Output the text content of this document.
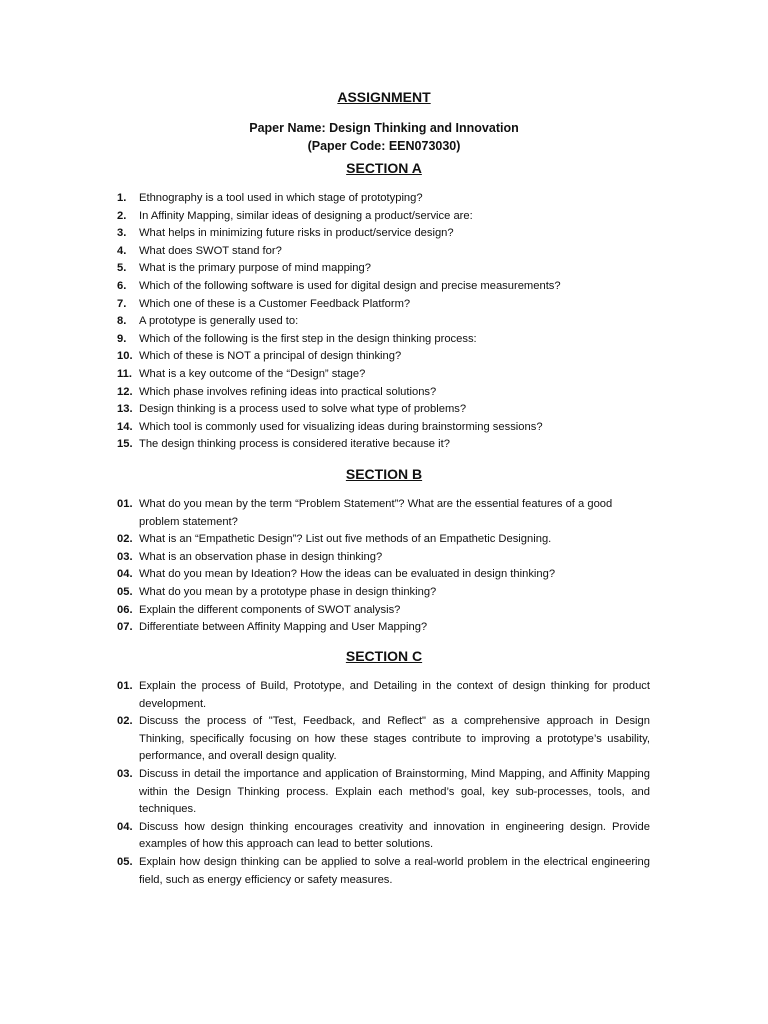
ASSIGNMENT
Paper Name: Design Thinking and Innovation
(Paper Code: EEN073030)
SECTION A
1.	Ethnography is a tool used in which stage of prototyping?
2.	In Affinity Mapping, similar ideas of designing a product/service are:
3.	What helps in minimizing future risks in product/service design?
4.	What does SWOT stand for?
5.	What is the primary purpose of mind mapping?
6.	Which of the following software is used for digital design and precise measurements?
7.	Which one of these is a Customer Feedback Platform?
8.	A prototype is generally used to:
9.	Which of the following is the first step in the design thinking process:
10. Which of these is NOT a principal of design thinking?
11. What is a key outcome of the “Design” stage?
12. Which phase involves refining ideas into practical solutions?
13. Design thinking is a process used to solve what type of problems?
14. Which tool is commonly used for visualizing ideas during brainstorming sessions?
15. The design thinking process is considered iterative because it?
SECTION B
01. What do you mean by the term “Problem Statement”? What are the essential features of a good problem statement?
02. What is an “Empathetic Design”? List out five methods of an Empathetic Designing.
03. What is an observation phase in design thinking?
04. What do you mean by Ideation? How the ideas can be evaluated in design thinking?
05. What do you mean by a prototype phase in design thinking?
06. Explain the different components of SWOT analysis?
07. Differentiate between Affinity Mapping and User Mapping?
SECTION C
01. Explain the process of Build, Prototype, and Detailing in the context of design thinking for product development.
02. Discuss the process of "Test, Feedback, and Reflect" as a comprehensive approach in Design Thinking, specifically focusing on how these stages contribute to improving a prototype’s usability, performance, and overall design quality.
03. Discuss in detail the importance and application of Brainstorming, Mind Mapping, and Affinity Mapping within the Design Thinking process. Explain each method’s goal, key sub-processes, tools, and techniques.
04. Discuss how design thinking encourages creativity and innovation in engineering design. Provide examples of how this approach can lead to better solutions.
05. Explain how design thinking can be applied to solve a real-world problem in the electrical engineering field, such as energy efficiency or safety measures.
